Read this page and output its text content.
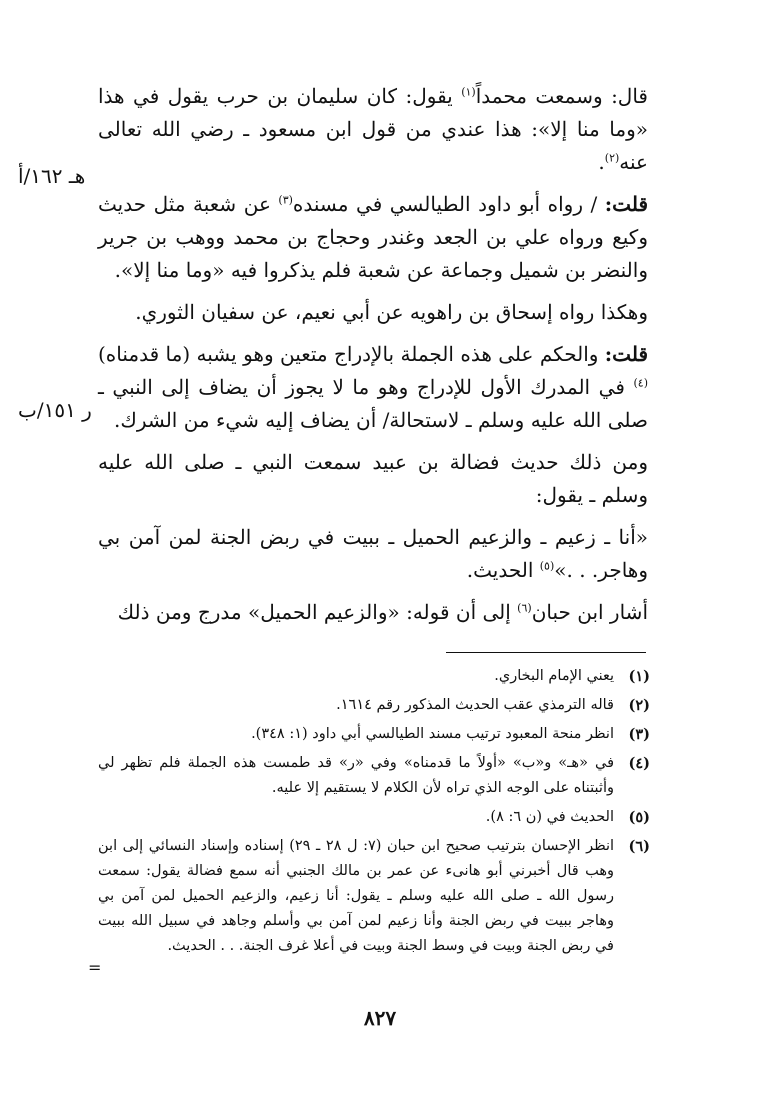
قال: وسمعت محمداً$^{(١)}$ يقول: كان سليمان بن حرب يقول في هذا «وما منا إلا»: هذا عندي من قول ابن مسعود ـ رضي الله تعالى عنه$^{(٢)}$.

قلت: / رواه أبو داود الطيالسي في مسنده$^{(٣)}$ عن شعبة مثل حديث وكيع ورواه علي بن الجعد وغندر وحجاج بن محمد ووهب بن جرير والنضر بن شميل وجماعة عن شعبة فلم يذكروا فيه «وما منا إلا».

وهكذا رواه إسحاق بن راهويه عن أبي نعيم، عن سفيان الثوري.

قلت: والحكم على هذه الجملة بالإدراج متعين وهو يشبه (ما قدمناه)$^{(٤)}$ في المدرك الأول للإدراج وهو ما لا يجوز أن يضاف إلى النبي ـ صلى الله عليه وسلم ـ لاستحالة/ أن يضاف إليه شيء من الشرك.

ومن ذلك حديث فضالة بن عبيد سمعت النبي ـ صلى الله عليه وسلم ـ يقول:

«أنا ـ زعيم ـ والزعيم الحميل ـ ببيت في ربض الجنة لمن آمن بي وهاجر. . .»$^{(٥)}$ الحديث.

أشار ابن حبان$^{(٦)}$ إلى أن قوله: «والزعيم الحميل» مدرج ومن ذلك

هـ ١٦٢/أ
ر ١٥١/ب
(١)
يعني الإمام البخاري.
(٢)
قاله الترمذي عقب الحديث المذكور رقم ١٦١٤.
(٣)
انظر منحة المعبود ترتيب مسند الطيالسي أبي داود (١: ٣٤٨).
(٤)
في «هـ» و«ب» «أولاً ما قدمناه» وفي «ر» قد طمست هذه الجملة فلم تظهر لي وأثبتناه على الوجه الذي تراه لأن الكلام لا يستقيم إلا عليه.
(٥)
الحديث في (ن ٦: ٨).
(٦)
انظر الإحسان بترتيب صحيح ابن حبان (٧: ل ٢٨ ـ ٢٩) إسناده وإسناد النسائي إلى ابن وهب قال أخبرني أبو هانىء عن عمر بن مالك الجنبي أنه سمع فضالة يقول: سمعت رسول الله ـ صلى الله عليه وسلم ـ يقول: أنا زعيم، والزعيم الحميل لمن آمن بي وهاجر ببيت في ربض الجنة وأنا زعيم لمن آمن بي وأسلم وجاهد في سبيل الله ببيت في ربض الجنة وبيت في وسط الجنة وبيت في أعلا غرف الجنة. . . الحديث.
=
٨٢٧
